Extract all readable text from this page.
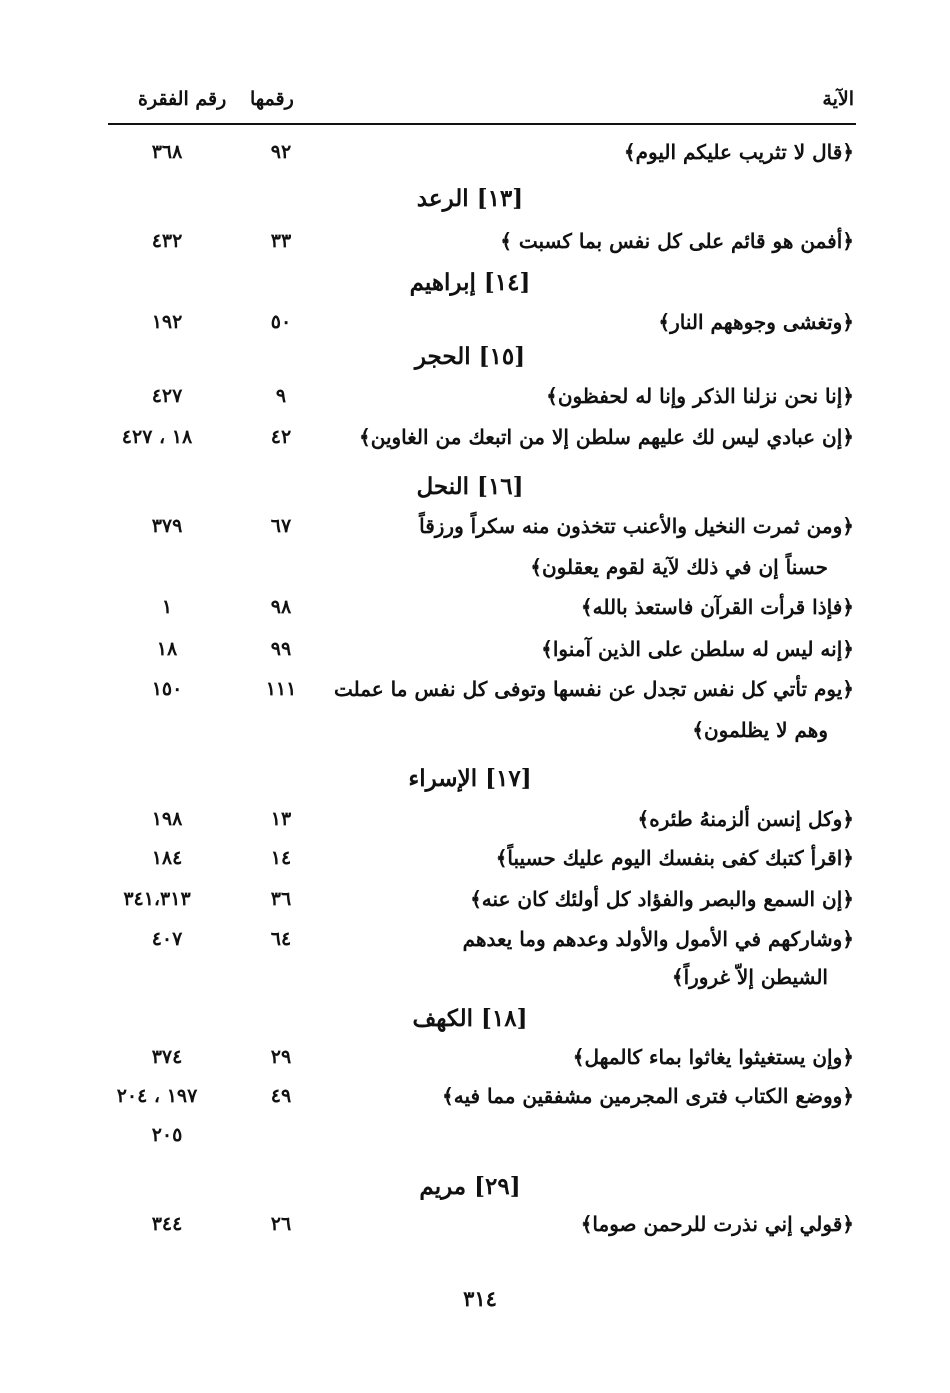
الآية
رقمها
رقم الفقرة
﴿قال لا تثريب عليكم اليوم﴾
٩٢
٣٦٨
[١٣] الرعد
﴿أفمن هو قائم على كل نفس بما كسبت ﴾
٣٣
٤٣٢
[١٤] إبراهيم
﴿وتغشى وجوههم النار﴾
٥٠
١٩٢
[١٥] الحجر
﴿إنا نحن نزلنا الذكر وإنا له لحفظون﴾
٩
٤٢٧
﴿إن عبادي ليس لك عليهم سلطن إلا من اتبعك من الغاوين﴾
٤٢
١٨ ، ٤٢٧
[١٦] النحل
﴿ومن ثمرت النخيل والأعنب تتخذون منه سكراً ورزقاً
٦٧
٣٧٩
حسناً إن في ذلك لآية لقوم يعقلون﴾
﴿فإذا قرأت القرآن فاستعذ بالله﴾
٩٨
١
﴿إنه ليس له سلطن على الذين آمنوا﴾
٩٩
١٨
﴿يوم تأتي كل نفس تجدل عن نفسها وتوفى كل نفس ما عملت
١١١
١٥٠
وهم لا يظلمون﴾
[١٧] الإسراء
﴿وكل إنسن ألزمنهُ طئره﴾
١٣
١٩٨
﴿اقرأ كتبك كفى بنفسك اليوم عليك حسيباً﴾
١٤
١٨٤
﴿إن السمع والبصر والفؤاد كل أولئك كان عنه﴾
٣٦
٣٤١،٣١٣
﴿وشاركهم في الأمول والأولد وعدهم وما يعدهم
٦٤
٤٠٧
الشيطن إلاّ غروراً﴾
[١٨] الكهف
﴿وإن يستغيثوا يغاثوا بماء كالمهل﴾
٢٩
٣٧٤
﴿ووضع الكتاب فترى المجرمين مشفقين مما فيه﴾
٤٩
١٩٧ ، ٢٠٤
٢٠٥
[٢٩] مريم
﴿قولي إني نذرت للرحمن صوما﴾
٢٦
٣٤٤
٣١٤
